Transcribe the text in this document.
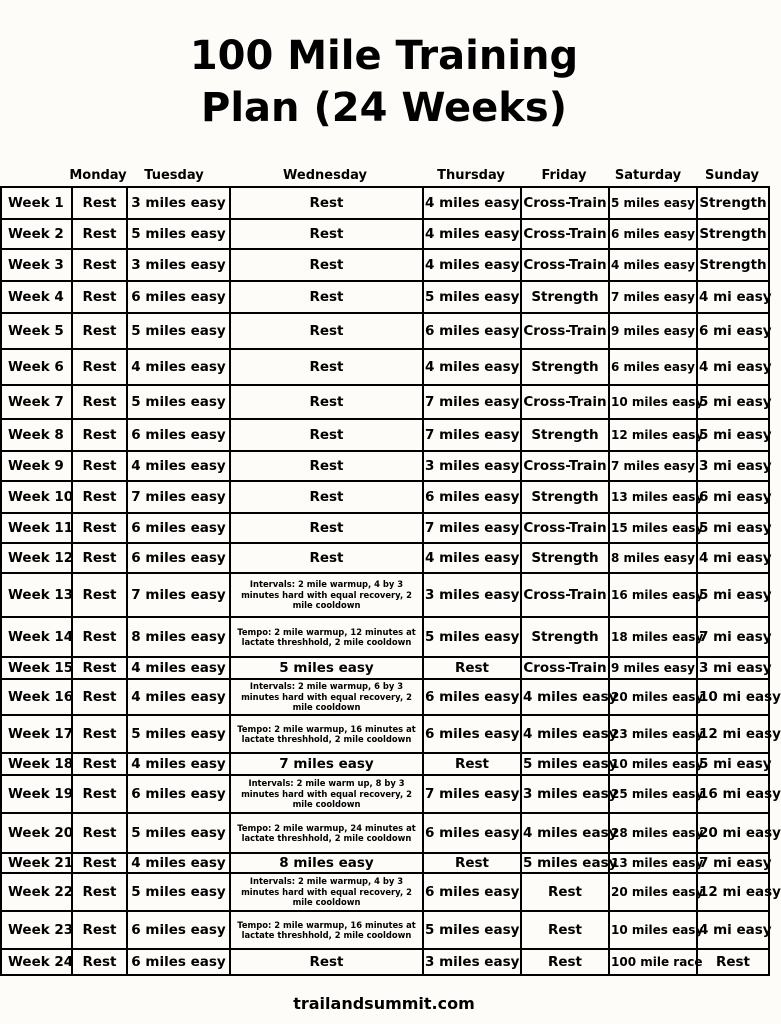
100 Mile Training
Plan (24 Weeks)
Monday	Tuesday	Wednesday	Thursday	Friday	Saturday	Sunday
Week 1	Rest	3 miles easy	Rest	4 miles easy	Cross-Train	5 miles easy	Strength
Week 2	Rest	5 miles easy	Rest	4 miles easy	Cross-Train	6 miles easy	Strength
Week 3	Rest	3 miles easy	Rest	4 miles easy	Cross-Train	4 miles easy	Strength
Week 4	Rest	6 miles easy	Rest	5 miles easy	Strength	7 miles easy	4 mi easy
Week 5	Rest	5 miles easy	Rest	6 miles easy	Cross-Train	9 miles easy	6 mi easy
Week 6	Rest	4 miles easy	Rest	4 miles easy	Strength	6 miles easy	4 mi easy
Week 7	Rest	5 miles easy	Rest	7 miles easy	Cross-Train	10 miles easy	5 mi easy
Week 8	Rest	6 miles easy	Rest	7 miles easy	Strength	12 miles easy	5 mi easy
Week 9	Rest	4 miles easy	Rest	3 miles easy	Cross-Train	7 miles easy	3 mi easy
Week 10	Rest	7 miles easy	Rest	6 miles easy	Strength	13 miles easy	6 mi easy
Week 11	Rest	6 miles easy	Rest	7 miles easy	Cross-Train	15 miles easy	5 mi easy
Week 12	Rest	6 miles easy	Rest	4 miles easy	Strength	8 miles easy	4 mi easy
Week 13	Rest	7 miles easy	Intervals: 2 mile warmup, 4 by 3 minutes hard with equal recovery, 2 mile cooldown	3 miles easy	Cross-Train	16 miles easy	5 mi easy
Week 14	Rest	8 miles easy	Tempo: 2 mile warmup, 12 minutes at lactate threshhold, 2 mile cooldown	5 miles easy	Strength	18 miles easy	7 mi easy
Week 15	Rest	4 miles easy	5 miles easy	Rest	Cross-Train	9 miles easy	3 mi easy
Week 16	Rest	4 miles easy	Intervals: 2 mile warmup, 6 by 3 minutes hard with equal recovery, 2 mile cooldown	6 miles easy	4 miles easy	20 miles easy	10 mi easy
Week 17	Rest	5 miles easy	Tempo: 2 mile warmup, 16 minutes at lactate threshhold, 2 mile cooldown	6 miles easy	4 miles easy	23 miles easy	12 mi easy
Week 18	Rest	4 miles easy	7 miles easy	Rest	5 miles easy	10 miles easy	5 mi easy
Week 19	Rest	6 miles easy	Intervals: 2 mile warm up, 8 by 3 minutes hard with equal recovery, 2 mile cooldown	7 miles easy	3 miles easy	25 miles easy	16 mi easy
Week 20	Rest	5 miles easy	Tempo: 2 mile warmup, 24 minutes at lactate threshhold, 2 mile cooldown	6 miles easy	4 miles easy	28 miles easy	20 mi easy
Week 21	Rest	4 miles easy	8 miles easy	Rest	5 miles easy	13 miles easy	7 mi easy
Week 22	Rest	5 miles easy	Intervals: 2 mile warmup, 4 by 3 minutes hard with equal recovery, 2 mile cooldown	6 miles easy	Rest	20 miles easy	12 mi easy
Week 23	Rest	6 miles easy	Tempo: 2 mile warmup, 16 minutes at lactate threshhold, 2 mile cooldown	5 miles easy	Rest	10 miles easy	4 mi easy
Week 24	Rest	6 miles easy	Rest	3 miles easy	Rest	100 mile race	Rest
trailandsummit.com
